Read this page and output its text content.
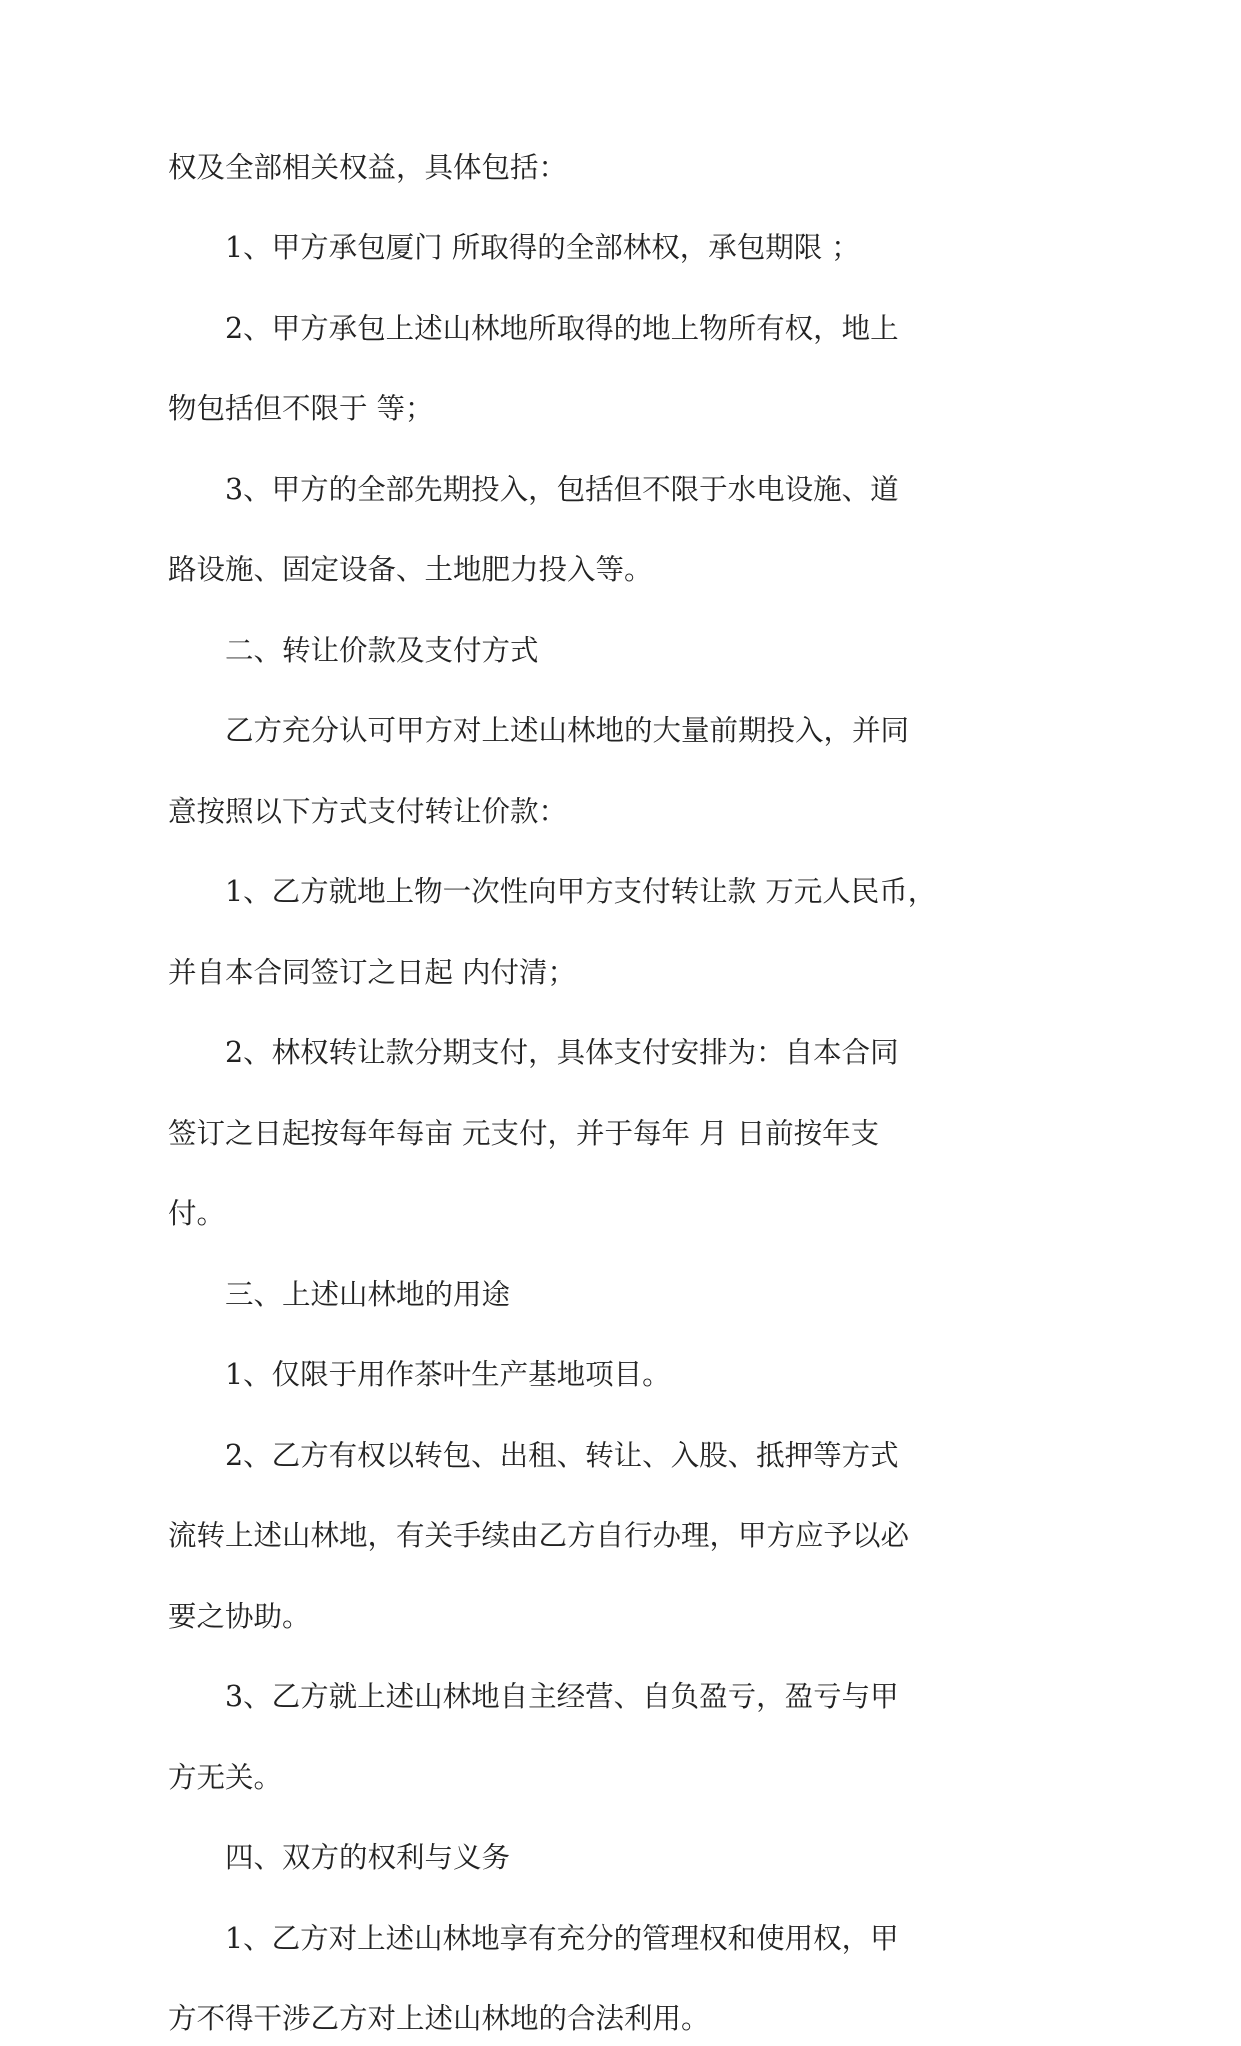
权及全部相关权益，具体包括：
1、甲方承包厦门 所取得的全部林权，承包期限 ；
2、甲方承包上述山林地所取得的地上物所有权，地上
物包括但不限于 等；
3、甲方的全部先期投入，包括但不限于水电设施、道
路设施、固定设备、土地肥力投入等。
二、转让价款及支付方式
乙方充分认可甲方对上述山林地的大量前期投入，并同
意按照以下方式支付转让价款：
1、乙方就地上物一次性向甲方支付转让款 万元人民币，
并自本合同签订之日起 内付清；
2、林权转让款分期支付，具体支付安排为：自本合同
签订之日起按每年每亩 元支付，并于每年 月 日前按年支
付。
三、上述山林地的用途
1、仅限于用作茶叶生产基地项目。
2、乙方有权以转包、出租、转让、入股、抵押等方式
流转上述山林地，有关手续由乙方自行办理，甲方应予以必
要之协助。
3、乙方就上述山林地自主经营、自负盈亏，盈亏与甲
方无关。
四、双方的权利与义务
1、乙方对上述山林地享有充分的管理权和使用权，甲
方不得干涉乙方对上述山林地的合法利用。
